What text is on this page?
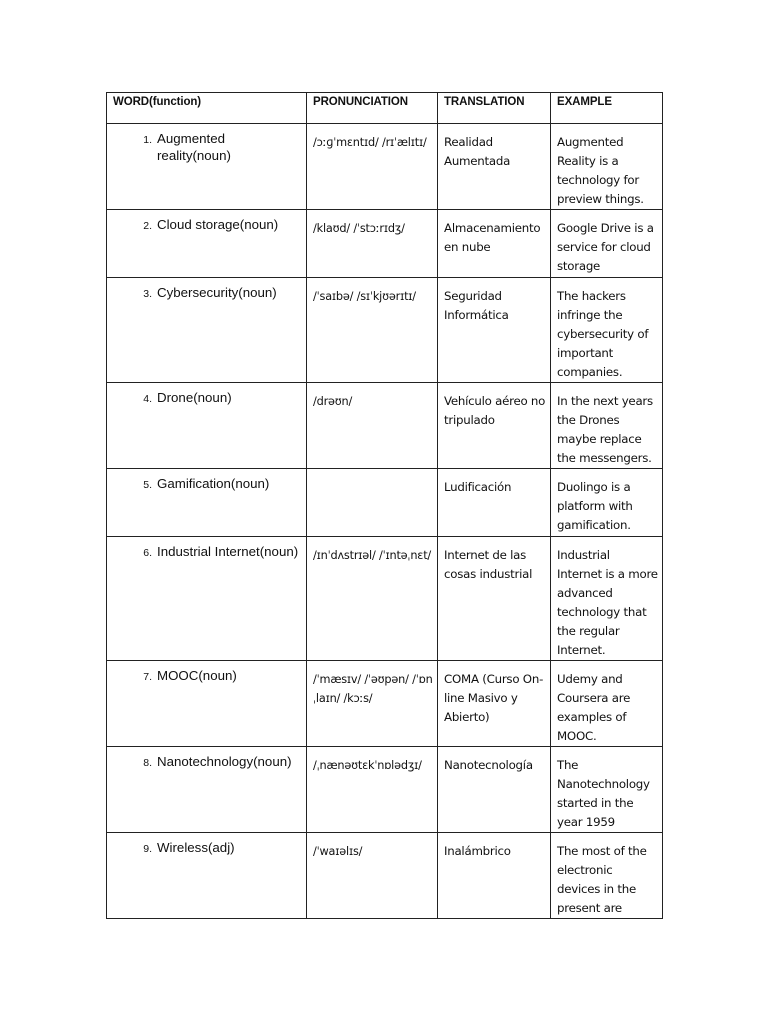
WORD(function)	PRONUNCIATION	TRANSLATION	EXAMPLE

1. Augmented reality(noun)	/ɔːɡˈmɛntɪd/ /rɪˈælɪtɪ/	Realidad Aumentada	Augmented Reality is a technology for preview things.

2. Cloud storage(noun)	/klaʊd/ /ˈstɔːrɪdʒ/	Almacenamiento en nube	Google Drive is a service for cloud storage

3. Cybersecurity(noun)	/ˈsaɪbə/ /sɪˈkjʊərɪtɪ/	Seguridad Informática	The hackers infringe the cybersecurity of important companies.

4. Drone(noun)	/drəʊn/	Vehículo aéreo no tripulado	In the next years the Drones maybe replace the messengers.

5. Gamification(noun)		Ludificación	Duolingo is a platform with gamification.

6. Industrial Internet(noun)	/ɪnˈdʌstrɪəl/ /ˈɪntəˌnɛt/	Internet de las cosas industrial	Industrial Internet is a more advanced technology that the regular Internet.

7. MOOC(noun)	/ˈmæsɪv/ /ˈəʊpən/ /ˈɒnˌlaɪn/ /kɔːs/	COMA (Curso On-line Masivo y Abierto)	Udemy and Coursera are examples of MOOC.

8. Nanotechnology(noun)	/ˌnænəʊtɛkˈnɒlədʒɪ/	Nanotecnología	The Nanotechnology started in the year 1959

9. Wireless(adj)	/ˈwaɪəlɪs/	Inalámbrico	The most of the electronic devices in the present are
